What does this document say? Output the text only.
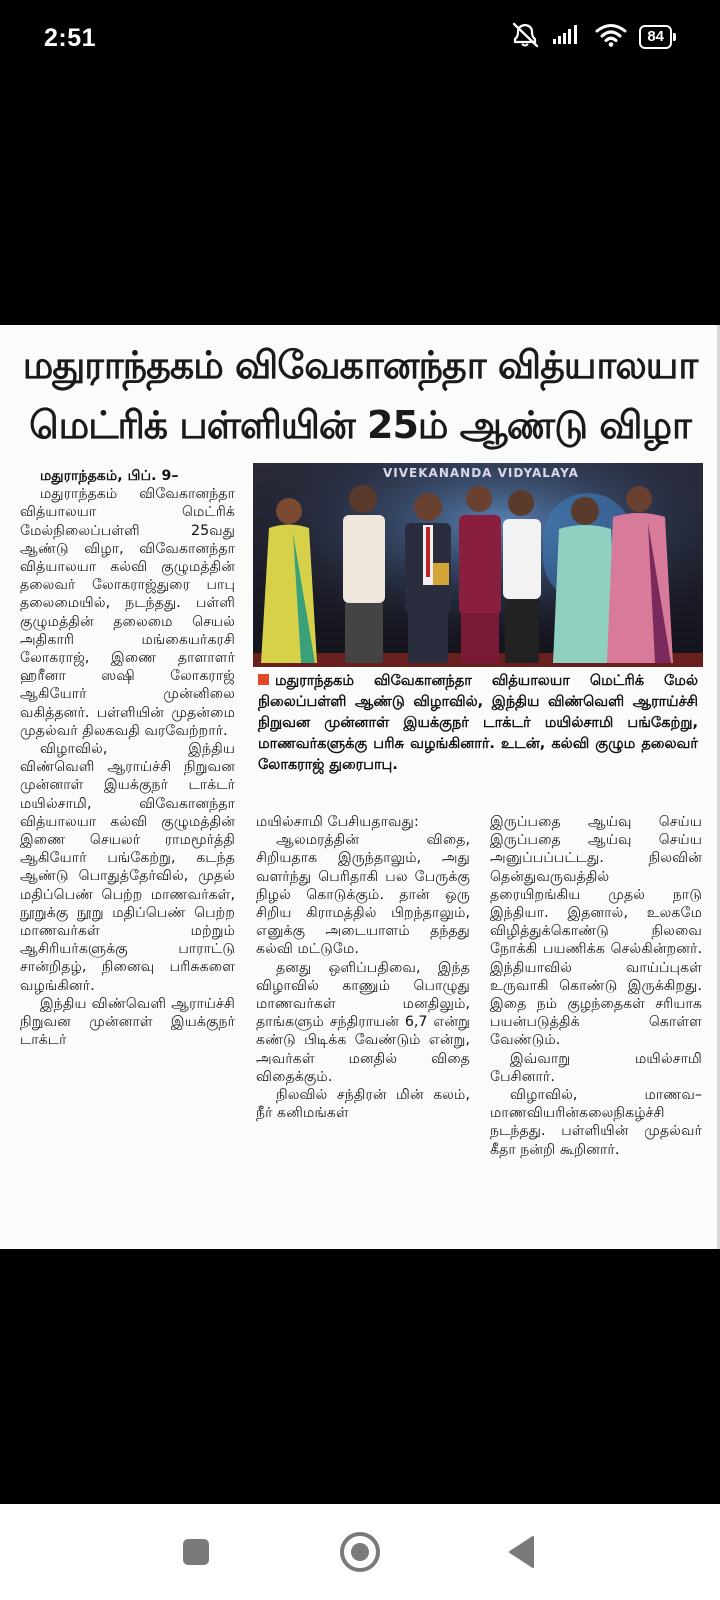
2:51	84
மதுராந்தகம் விவேகானந்தா வித்யாலயா
மெட்ரிக் பள்ளியின் 25ம் ஆண்டு விழா
VIVEKANANDA VIDYALAYA
மதுராந்தகம் விவேகானந்தா வித்யாலயா மெட்ரிக் மேல் நிலைப்பள்ளி ஆண்டு விழாவில், இந்திய விண்வெளி ஆராய்ச்சி நிறுவன முன்னாள் இயக்குநர் டாக்டர் மயில்சாமி பங்கேற்று, மாணவர்களுக்கு பரிசு வழங்கினார். உடன், கல்வி குழும தலைவர் லோகராஜ் துரைபாபு.

மதுராந்தகம், பிப். 9–

மதுராந்தகம் விவேகானந்தா வித்யாலயா மெட்ரிக் மேல்நிலைப்பள்ளி 25வது ஆண்டு விழா, விவேகானந்தா வித்யாலயா கல்வி குழுமத்தின் தலைவர் லோகராஜ்துரை பாபு தலைமையில், நடந்தது. பள்ளி குழுமத்தின் தலைமை செயல் அதிகாரி மங்கையர்கரசி லோகராஜ், இணை தாளாளர் ஹரீனா ஸஷி லோகராஜ் ஆகியோர் முன்னிலை வகித்தனர். பள்ளியின் முதன்மை முதல்வர் திலகவதி வரவேற்றார்.

விழாவில், இந்திய விண்வெளி ஆராய்ச்சி நிறுவன முன்னாள் இயக்குநர் டாக்டர் மயில்சாமி, விவேகானந்தா வித்யாலயா கல்வி குழுமத்தின் இணை செயலர் ராமமூர்த்தி ஆகியோர் பங்கேற்று, கடந்த ஆண்டு பொதுத்தேர்வில், முதல் மதிப்பெண் பெற்ற மாணவர்கள், நூறுக்கு நூறு மதிப்பெண் பெற்ற மாணவர்கள் மற்றும் ஆசிரியர்களுக்கு பாராட்டு சான்றிதழ், நினைவு பரிசுகளை வழங்கினர்.

இந்திய விண்வெளி ஆராய்ச்சி நிறுவன முன்னாள் இயக்குநர் டாக்டர்

மயில்சாமி பேசியதாவது:

ஆலமரத்தின் விதை, சிறியதாக இருந்தாலும், அது வளர்ந்து பெரிதாகி பல பேருக்கு நிழல் கொடுக்கும். தான் ஒரு சிறிய கிராமத்தில் பிறந்தாலும், எனுக்கு அடையாளம் தந்தது கல்வி மட்டுமே.

தனது ஒளிப்பதிவை, இந்த விழாவில் காணும் பொழுது மாணவர்கள் மனதிலும், தாங்களும் சந்திராயன் 6,7 என்று கண்டு பிடிக்க வேண்டும் என்று, அவர்கள் மனதில் விதை விதைக்கும்.

நிலவில் சந்திரன் மின் கலம், நீர் கனிமங்கள்

இருப்பதை ஆய்வு செய்ய இருப்பதை ஆய்வு செய்ய அனுப்பப்பட்டது. நிலவின் தென்துவருவத்தில் தரையிறங்கிய முதல் நாடு இந்தியா. இதனால், உலகமே விழித்துக்கொண்டு நிலவை நோக்கி பயணிக்க செல்கின்றனர். இந்தியாவில் வாய்ப்புகள் உருவாகி கொண்டு இருக்கிறது. இதை நம் குழந்தைகள் சரியாக பயன்படுத்திக் கொள்ள வேண்டும்.

இவ்வாறு மயில்சாமி பேசினார்.

விழாவில், மாணவ–மாணவியரின்கலைநிகழ்ச்சி நடந்தது. பள்ளியின் முதல்வர் கீதா நன்றி கூறினார்.
